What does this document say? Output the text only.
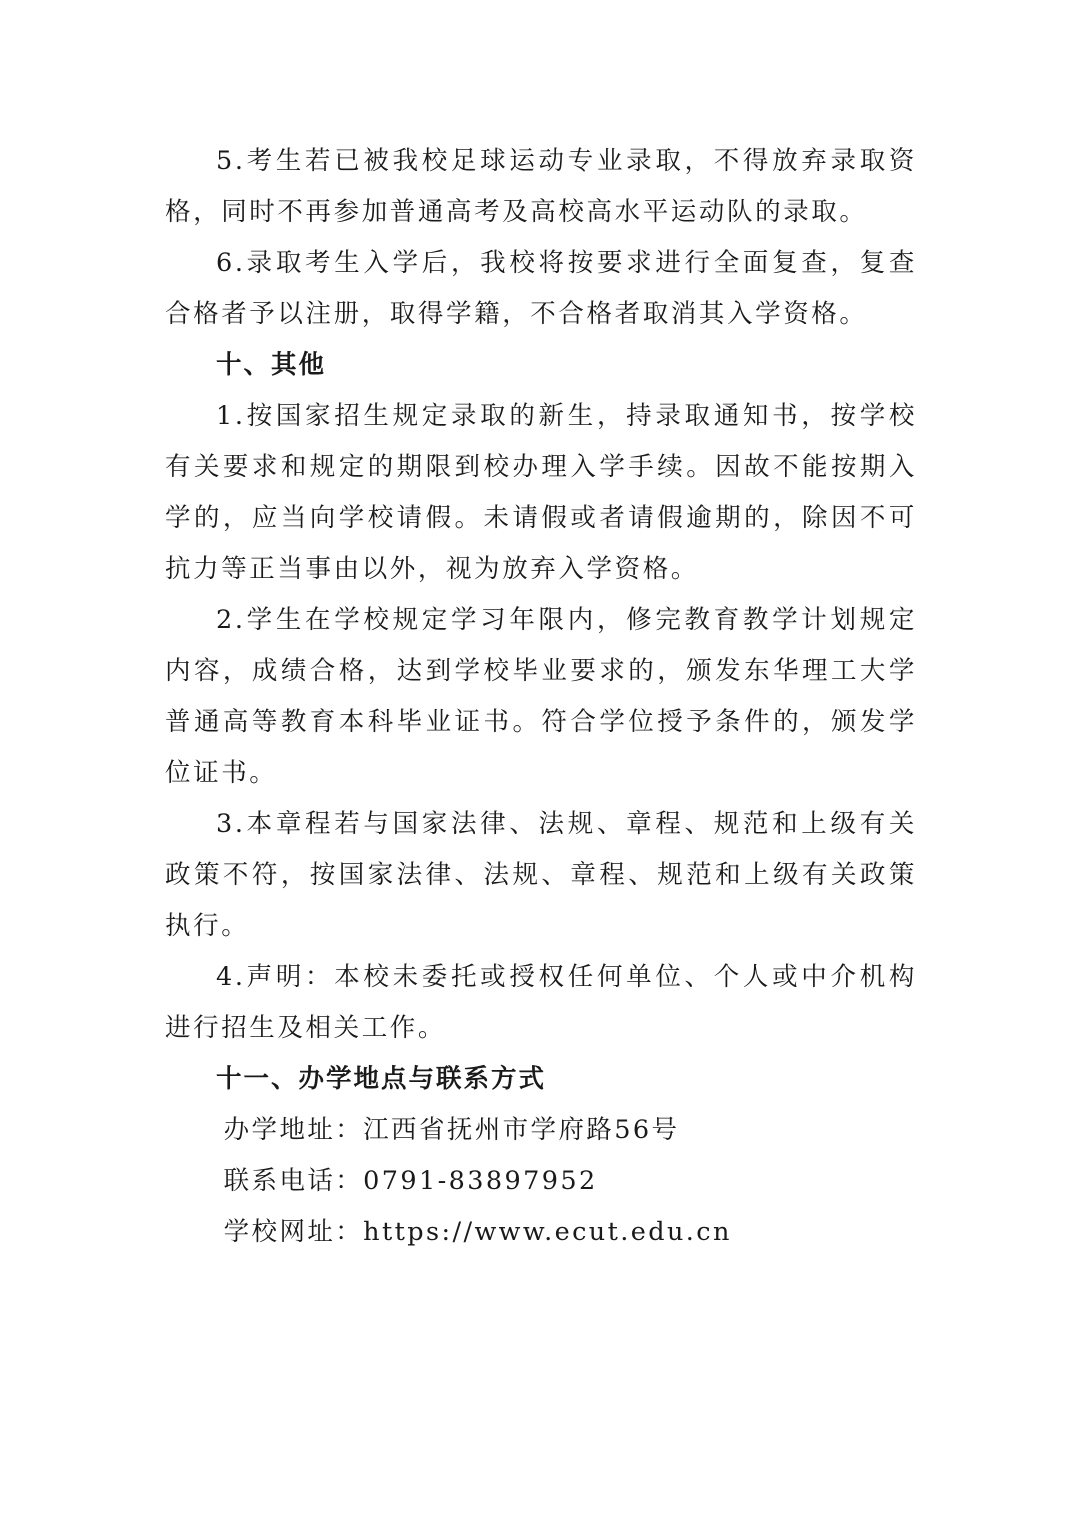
5.考生若已被我校足球运动专业录取，不得放弃录取资格，同时不再参加普通高考及高校高水平运动队的录取。

6.录取考生入学后，我校将按要求进行全面复查，复查合格者予以注册，取得学籍，不合格者取消其入学资格。

十、其他

1.按国家招生规定录取的新生，持录取通知书，按学校有关要求和规定的期限到校办理入学手续。因故不能按期入学的，应当向学校请假。未请假或者请假逾期的，除因不可抗力等正当事由以外，视为放弃入学资格。

2.学生在学校规定学习年限内，修完教育教学计划规定内容，成绩合格，达到学校毕业要求的，颁发东华理工大学普通高等教育本科毕业证书。符合学位授予条件的，颁发学位证书。

3.本章程若与国家法律、法规、章程、规范和上级有关政策不符，按国家法律、法规、章程、规范和上级有关政策执行。

4.声明：本校未委托或授权任何单位、个人或中介机构进行招生及相关工作。

十一、办学地点与联系方式

办学地址：江西省抚州市学府路56号

联系电话：0791-83897952

学校网址：https://www.ecut.edu.cn
